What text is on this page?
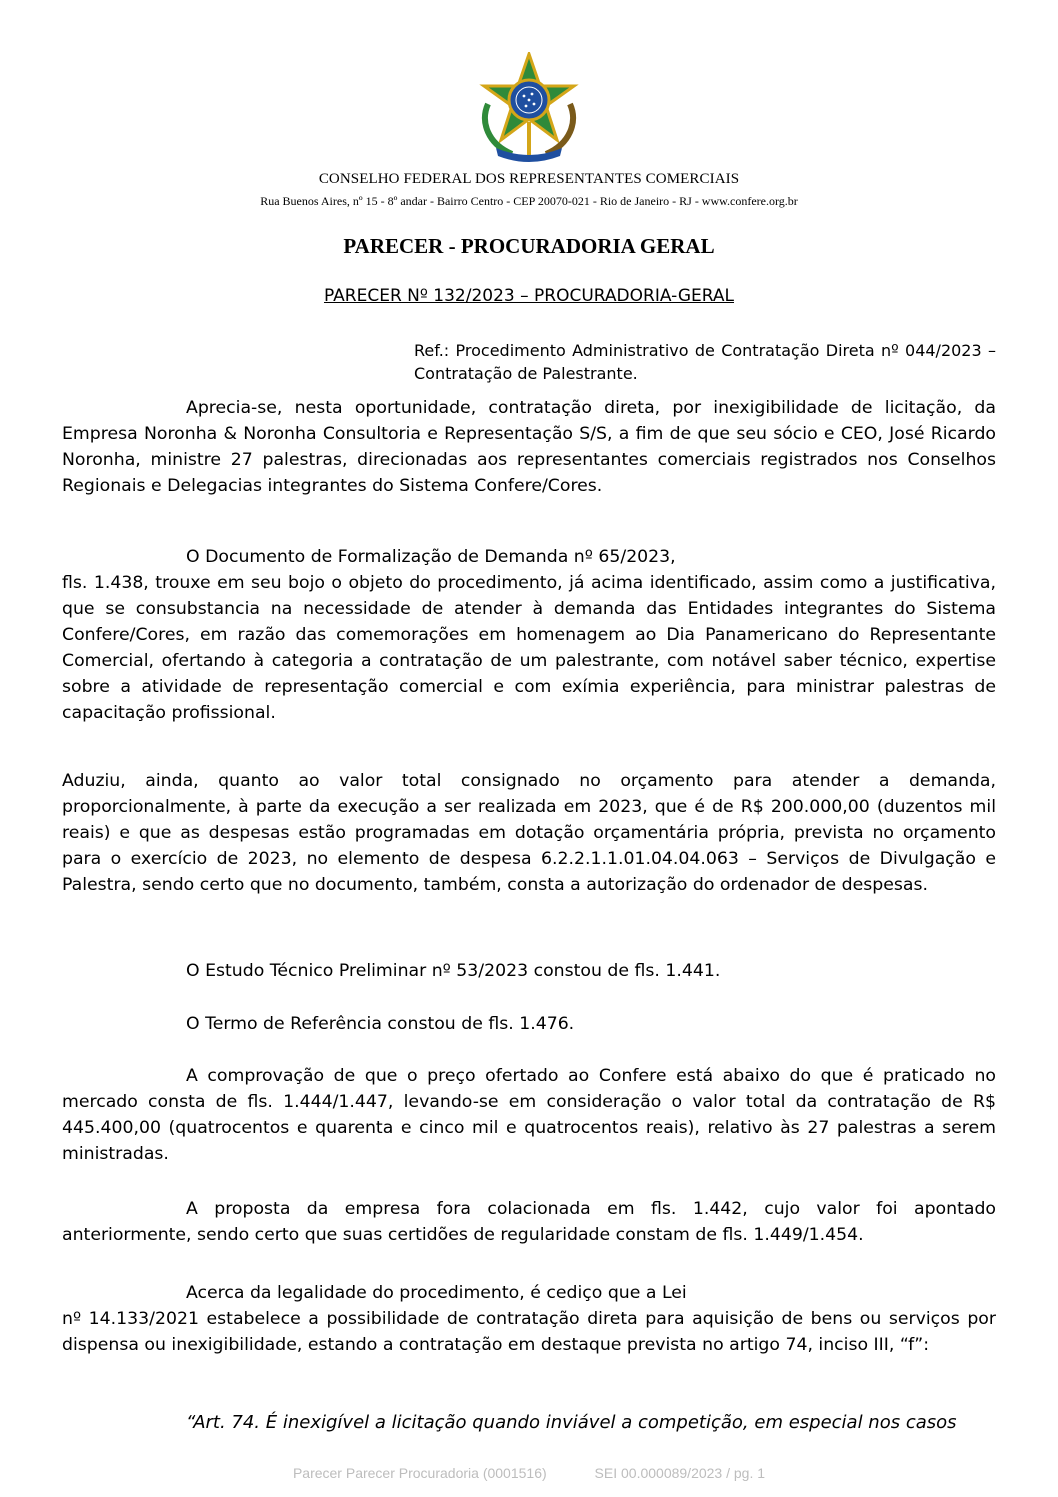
CONSELHO FEDERAL DOS REPRESENTANTES COMERCIAIS
Rua Buenos Aires, nº 15 - 8º andar - Bairro Centro - CEP 20070-021 - Rio de Janeiro - RJ - www.confere.org.br
PARECER - PROCURADORIA GERAL
PARECER Nº 132/2023 – PROCURADORIA-GERAL
Ref.: Procedimento Administrativo de Contratação Direta nº 044/2023 – Contratação de Palestrante.
Aprecia-se, nesta oportunidade, contratação direta, por inexigibilidade de licitação, da Empresa Noronha & Noronha Consultoria e Representação S/S, a fim de que seu sócio e CEO, José Ricardo Noronha, ministre 27 palestras, direcionadas aos representantes comerciais registrados nos Conselhos Regionais e Delegacias integrantes do Sistema Confere/Cores.
O Documento de Formalização de Demanda nº 65/2023,
fls. 1.438, trouxe em seu bojo o objeto do procedimento, já acima identificado, assim como a justificativa, que se consubstancia na necessidade de atender à demanda das Entidades integrantes do Sistema Confere/Cores, em razão das comemorações em homenagem ao Dia Panamericano do Representante Comercial, ofertando à categoria a contratação de um palestrante, com notável saber técnico, expertise sobre a atividade de representação comercial e com exímia experiência, para ministrar palestras de capacitação profissional.
Aduziu, ainda, quanto ao valor total consignado no orçamento para atender a demanda, proporcionalmente, à parte da execução a ser realizada em 2023, que é de R$ 200.000,00 (duzentos mil reais) e que as despesas estão programadas em dotação orçamentária própria, prevista no orçamento para o exercício de 2023, no elemento de despesa 6.2.2.1.1.01.04.04.063 – Serviços de Divulgação e Palestra, sendo certo que no documento, também, consta a autorização do ordenador de despesas.
O Estudo Técnico Preliminar nº 53/2023 constou de fls. 1.441.
O Termo de Referência constou de fls. 1.476.
A comprovação de que o preço ofertado ao Confere está abaixo do que é praticado no mercado consta de fls. 1.444/1.447, levando-se em consideração o valor total da contratação de R$ 445.400,00 (quatrocentos e quarenta e cinco mil e quatrocentos reais), relativo às 27 palestras a serem ministradas.
A proposta da empresa fora colacionada em fls. 1.442, cujo valor foi apontado anteriormente, sendo certo que suas certidões de regularidade constam de fls. 1.449/1.454.
Acerca da legalidade do procedimento, é cediço que a Lei
nº 14.133/2021 estabelece a possibilidade de contratação direta para aquisição de bens ou serviços por dispensa ou inexigibilidade, estando a contratação em destaque prevista no artigo 74, inciso III, “f”:
“Art. 74. É inexigível a licitação quando inviável a competição, em especial nos casos
Parecer Parecer Procuradoria (0001516)	SEI 00.000089/2023 / pg. 1
